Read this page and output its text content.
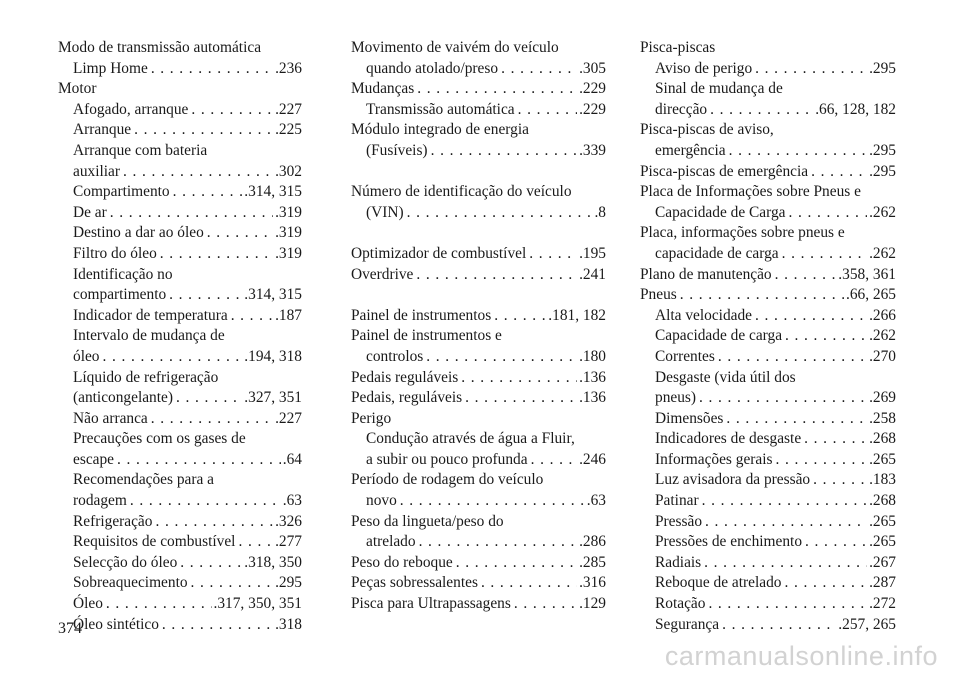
Modo de transmissão automática
Limp Home . . .	.236
Motor
Afogado, arranque . . .	.227
Arranque . . .	.225
Arranque com bateria
auxiliar . . .	.302
Compartimento . . .	.314, 315
De ar . . .	.319
Destino a dar ao óleo . . .	.319
Filtro do óleo . . .	.319
Identificação no
compartimento . . .	.314, 315
Indicador de temperatura . . .	.187
Intervalo de mudança de
óleo . . .	.194, 318
Líquido de refrigeração
(anticongelante) . . .	.327, 351
Não arranca . . .	.227
Precauções com os gases de
escape . . .	.64
Recomendações para a
rodagem . . .	.63
Refrigeração . . .	.326
Requisitos de combustível . . .	.277
Selecção do óleo . . .	.318, 350
Sobreaquecimento . . .	.295
Óleo . . .	.317, 350, 351
Óleo sintético . . .	.318
Movimento de vaivém do veículo
quando atolado/preso . . .	.305
Mudanças . . .	.229
Transmissão automática . . .	.229
Módulo integrado de energia
(Fusíveis) . . .	.339
Número de identificação do veículo
(VIN) . . .	.8
Optimizador de combustível . . .	.195
Overdrive . . .	.241
Painel de instrumentos . . .	.181, 182
Painel de instrumentos e
controlos . . .	.180
Pedais reguláveis . . .	.136
Pedais, reguláveis . . .	.136
Perigo
Condução através de água a Fluir,
a subir ou pouco profunda . . .	.246
Período de rodagem do veículo
novo . . .	.63
Peso da lingueta/peso do
atrelado . . .	.286
Peso do reboque . . .	.285
Peças sobressalentes . . .	.316
Pisca para Ultrapassagens . . .	.129
Pisca-piscas
Aviso de perigo . . .	.295
Sinal de mudança de
direcção . . .	.66, 128, 182
Pisca-piscas de aviso,
emergência . . .	.295
Pisca-piscas de emergência . . .	.295
Placa de Informações sobre Pneus e
Capacidade de Carga . . .	.262
Placa, informações sobre pneus e
capacidade de carga . . .	.262
Plano de manutenção . . .	.358, 361
Pneus . . .	.66, 265
Alta velocidade . . .	.266
Capacidade de carga . . .	.262
Correntes . . .	.270
Desgaste (vida útil dos
pneus) . . .	.269
Dimensões . . .	.258
Indicadores de desgaste . . .	.268
Informações gerais . . .	.265
Luz avisadora da pressão . . .	.183
Patinar . . .	.268
Pressão . . .	.265
Pressões de enchimento . . .	.265
Radiais . . .	.267
Reboque de atrelado . . .	.287
Rotação . . .	.272
Segurança . . .	.257, 265
374
carmanualsonline.info
